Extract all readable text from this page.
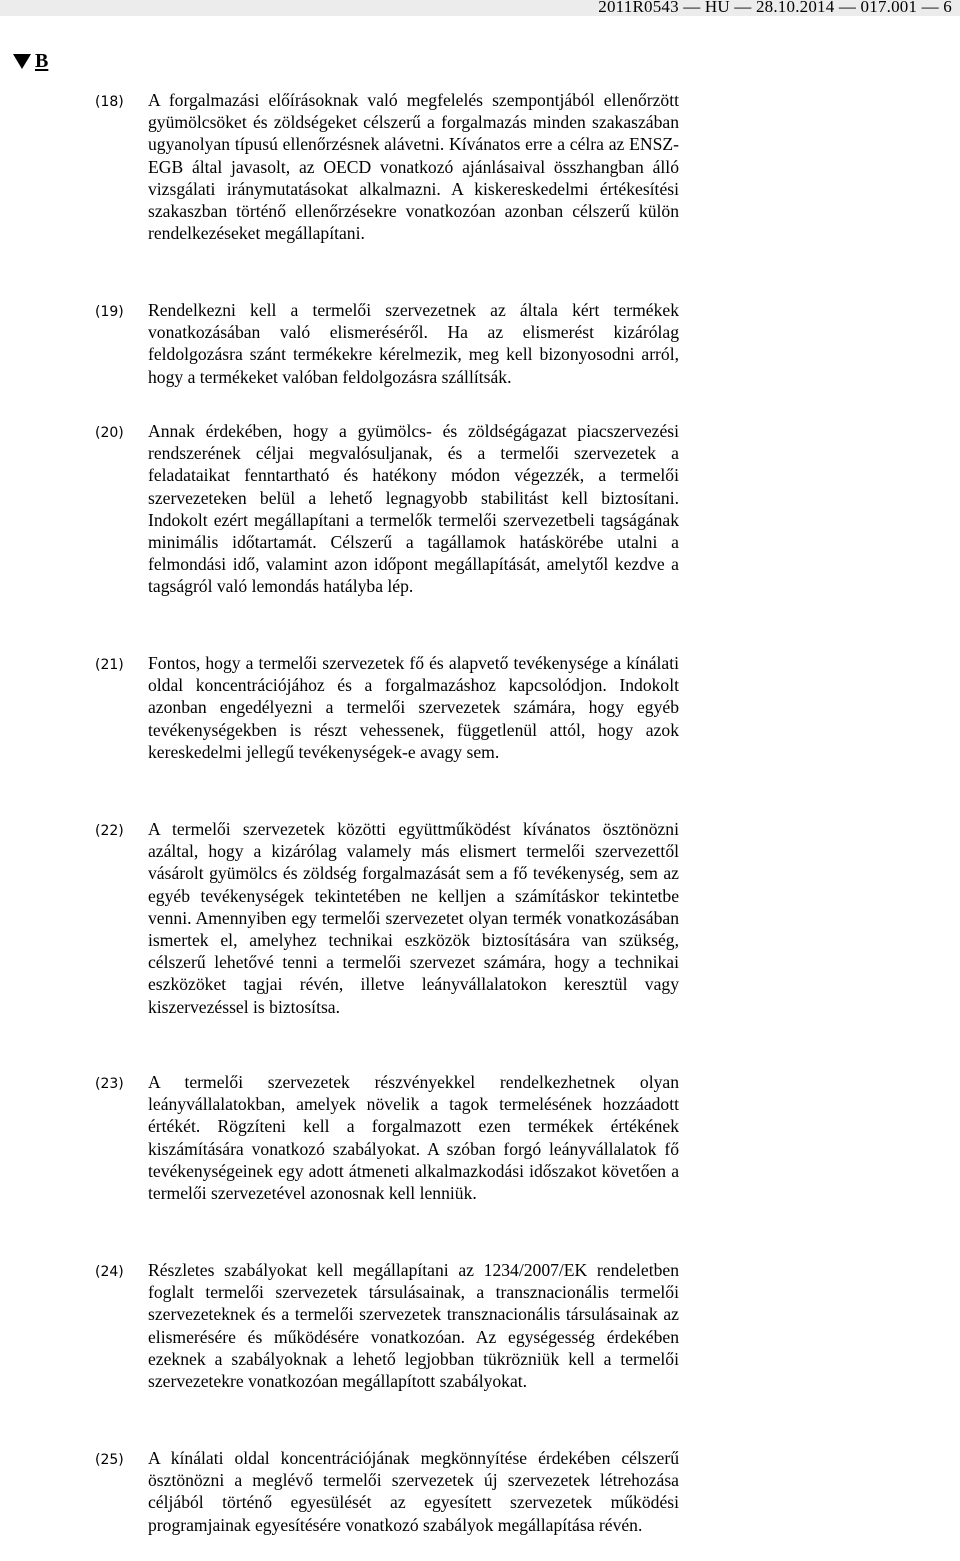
2011R0543 — HU — 28.10.2014 — 017.001 — 6
B
(18) A forgalmazási előírásoknak való megfelelés szempontjából ellenőrzött gyümölcsöket és zöldségeket célszerű a forgalmazás minden szakaszában ugyanolyan típusú ellenőrzésnek alávetni. Kívánatos erre a célra az ENSZ-EGB által javasolt, az OECD vonatkozó ajánlásaival összhangban álló vizsgálati iránymutatásokat alkalmazni. A kiskereskedelmi értékesítési szakaszban történő ellenőrzésekre vonatkozóan azonban célszerű külön rendelkezéseket megállapítani.
(19) Rendelkezni kell a termelői szervezetnek az általa kért termékek vonatkozásában való elismeréséről. Ha az elismerést kizárólag feldolgozásra szánt termékekre kérelmezik, meg kell bizonyosodni arról, hogy a termékeket valóban feldolgozásra szállítsák.
(20) Annak érdekében, hogy a gyümölcs- és zöldségágazat piacszervezési rendszerének céljai megvalósuljanak, és a termelői szervezetek a feladataikat fenntartható és hatékony módon végezzék, a termelői szervezeteken belül a lehető legnagyobb stabilitást kell biztosítani. Indokolt ezért megállapítani a termelők termelői szervezetbeli tagságának minimális időtartamát. Célszerű a tagállamok hatáskörébe utalni a felmondási idő, valamint azon időpont megállapítását, amelytől kezdve a tagságról való lemondás hatályba lép.
(21) Fontos, hogy a termelői szervezetek fő és alapvető tevékenysége a kínálati oldal koncentrációjához és a forgalmazáshoz kapcsolódjon. Indokolt azonban engedélyezni a termelői szervezetek számára, hogy egyéb tevékenységekben is részt vehessenek, függetlenül attól, hogy azok kereskedelmi jellegű tevékenységek-e avagy sem.
(22) A termelői szervezetek közötti együttműködést kívánatos ösztönözni azáltal, hogy a kizárólag valamely más elismert termelői szervezettől vásárolt gyümölcs és zöldség forgalmazását sem a fő tevékenység, sem az egyéb tevékenységek tekintetében ne kelljen a számításkor tekintetbe venni. Amennyiben egy termelői szervezetet olyan termék vonatkozásában ismertek el, amelyhez technikai eszközök biztosítására van szükség, célszerű lehetővé tenni a termelői szervezet számára, hogy a technikai eszközöket tagjai révén, illetve leányvállalatokon keresztül vagy kiszervezéssel is biztosítsa.
(23) A termelői szervezetek részvényekkel rendelkezhetnek olyan leányvállalatokban, amelyek növelik a tagok termelésének hozzáadott értékét. Rögzíteni kell a forgalmazott ezen termékek értékének kiszámítására vonatkozó szabályokat. A szóban forgó leányvállalatok fő tevékenységeinek egy adott átmeneti alkalmazkodási időszakot követően a termelői szervezetével azonosnak kell lenniük.
(24) Részletes szabályokat kell megállapítani az 1234/2007/EK rendeletben foglalt termelői szervezetek társulásainak, a transznacionális termelői szervezeteknek és a termelői szervezetek transznacionális társulásainak az elismerésére és működésére vonatkozóan. Az egységesség érdekében ezeknek a szabályoknak a lehető legjobban tükrözniük kell a termelői szervezetekre vonatkozóan megállapított szabályokat.
(25) A kínálati oldal koncentrációjának megkönnyítése érdekében célszerű ösztönözni a meglévő termelői szervezetek új szervezetek létrehozása céljából történő egyesülését az egyesített szervezetek működési programjainak egyesítésére vonatkozó szabályok megállapítása révén.
